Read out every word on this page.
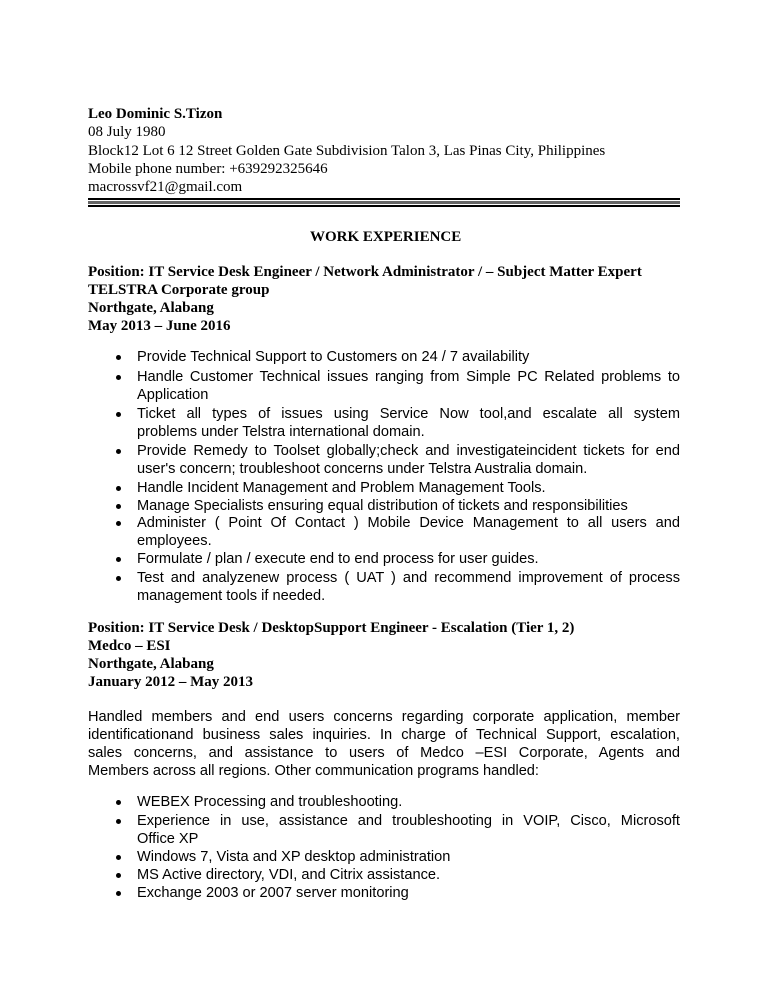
Leo Dominic S.Tizon
08 July 1980
Block12 Lot 6 12 Street Golden Gate Subdivision Talon 3, Las Pinas City, Philippines
Mobile phone number: +639292325646
macrossvf21@gmail.com
WORK EXPERIENCE
Position: IT Service Desk Engineer / Network Administrator / – Subject Matter Expert
TELSTRA Corporate group
Northgate, Alabang
May 2013 – June 2016
Provide Technical Support to Customers on 24 / 7 availability
Handle Customer Technical issues ranging from Simple PC Related problems to
Application
Ticket all types of issues using Service Now tool,and escalate all system
problems under Telstra international domain.
Provide Remedy to Toolset globally;check and investigateincident tickets for end
user's concern; troubleshoot concerns under Telstra Australia domain.
Handle Incident Management and Problem Management Tools.
Manage Specialists ensuring equal distribution of tickets and responsibilities
Administer ( Point Of Contact ) Mobile Device Management to all users and
employees.
Formulate / plan / execute end to end process for user guides.
Test and analyzenew process ( UAT ) and recommend improvement of process
management tools if needed.
Position: IT Service Desk / DesktopSupport Engineer - Escalation (Tier 1, 2)
Medco – ESI
Northgate, Alabang
January 2012 – May 2013
Handled members and end users concerns regarding corporate application, member
identificationand business sales inquiries. In charge of Technical Support, escalation,
sales concerns, and assistance to users of Medco –ESI Corporate, Agents and
Members across all regions. Other communication programs handled:
WEBEX Processing and troubleshooting.
Experience in use, assistance and troubleshooting in VOIP, Cisco, Microsoft
Office XP
Windows 7, Vista and XP desktop administration
MS Active directory, VDI, and Citrix assistance.
Exchange 2003 or 2007 server monitoring
